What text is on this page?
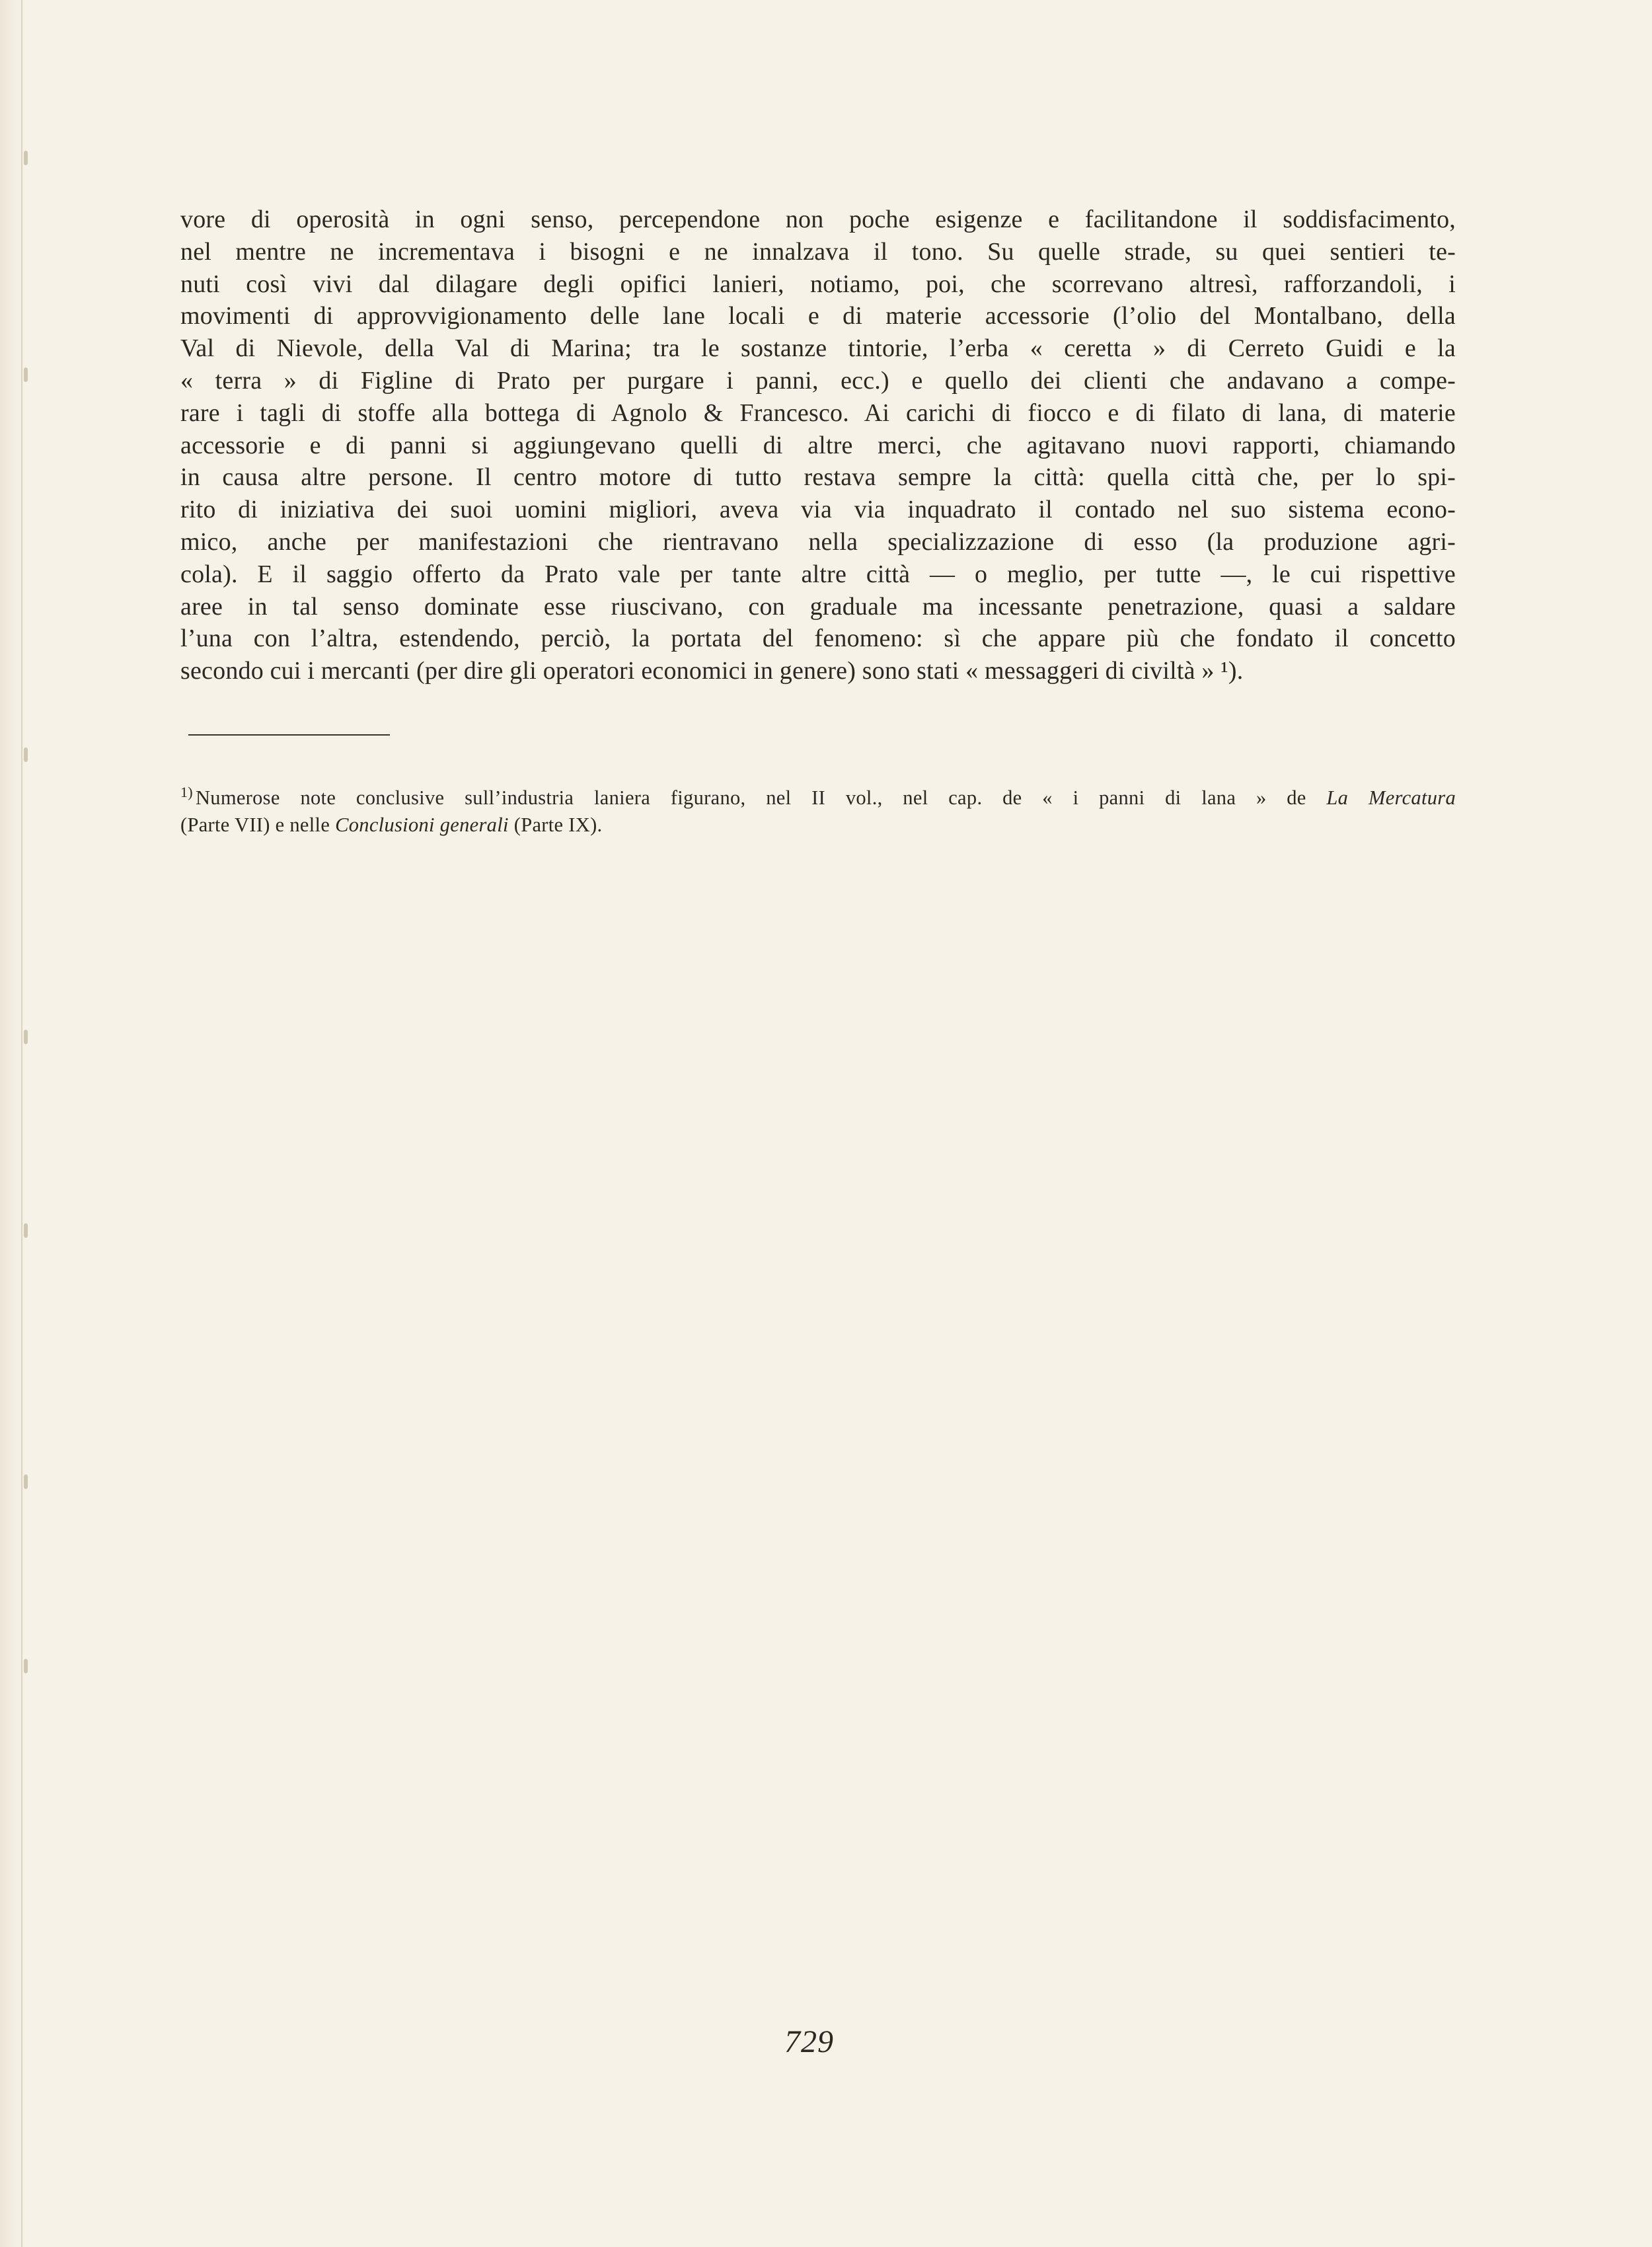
vore di operosità in ogni senso, percependone non poche esigenze e facilitandone il soddisfacimento,
nel mentre ne incrementava i bisogni e ne innalzava il tono. Su quelle strade, su quei sentieri te-
nuti così vivi dal dilagare degli opifici lanieri, notiamo, poi, che scorrevano altresì, rafforzandoli, i
movimenti di approvvigionamento delle lane locali e di materie accessorie (l’olio del Montalbano, della
Val di Nievole, della Val di Marina; tra le sostanze tintorie, l’erba « ceretta » di Cerreto Guidi e la
« terra » di Figline di Prato per purgare i panni, ecc.) e quello dei clienti che andavano a compe-
rare i tagli di stoffe alla bottega di Agnolo & Francesco. Ai carichi di fiocco e di filato di lana, di materie
accessorie e di panni si aggiungevano quelli di altre merci, che agitavano nuovi rapporti, chiamando
in causa altre persone. Il centro motore di tutto restava sempre la città: quella città che, per lo spi-
rito di iniziativa dei suoi uomini migliori, aveva via via inquadrato il contado nel suo sistema econo-
mico, anche per manifestazioni che rientravano nella specializzazione di esso (la produzione agri-
cola). E il saggio offerto da Prato vale per tante altre città — o meglio, per tutte —, le cui rispettive
aree in tal senso dominate esse riuscivano, con graduale ma incessante penetrazione, quasi a saldare
l’una con l’altra, estendendo, perciò, la portata del fenomeno: sì che appare più che fondato il concetto
secondo cui i mercanti (per dire gli operatori economici in genere) sono stati « messaggeri di civiltà » ¹).

$^{1)}$ Numerose note conclusive sull’industria laniera figurano, nel II vol., nel cap. de « i panni di lana » de La Mercatura
(Parte VII) e nelle Conclusioni generali (Parte IX).

729
